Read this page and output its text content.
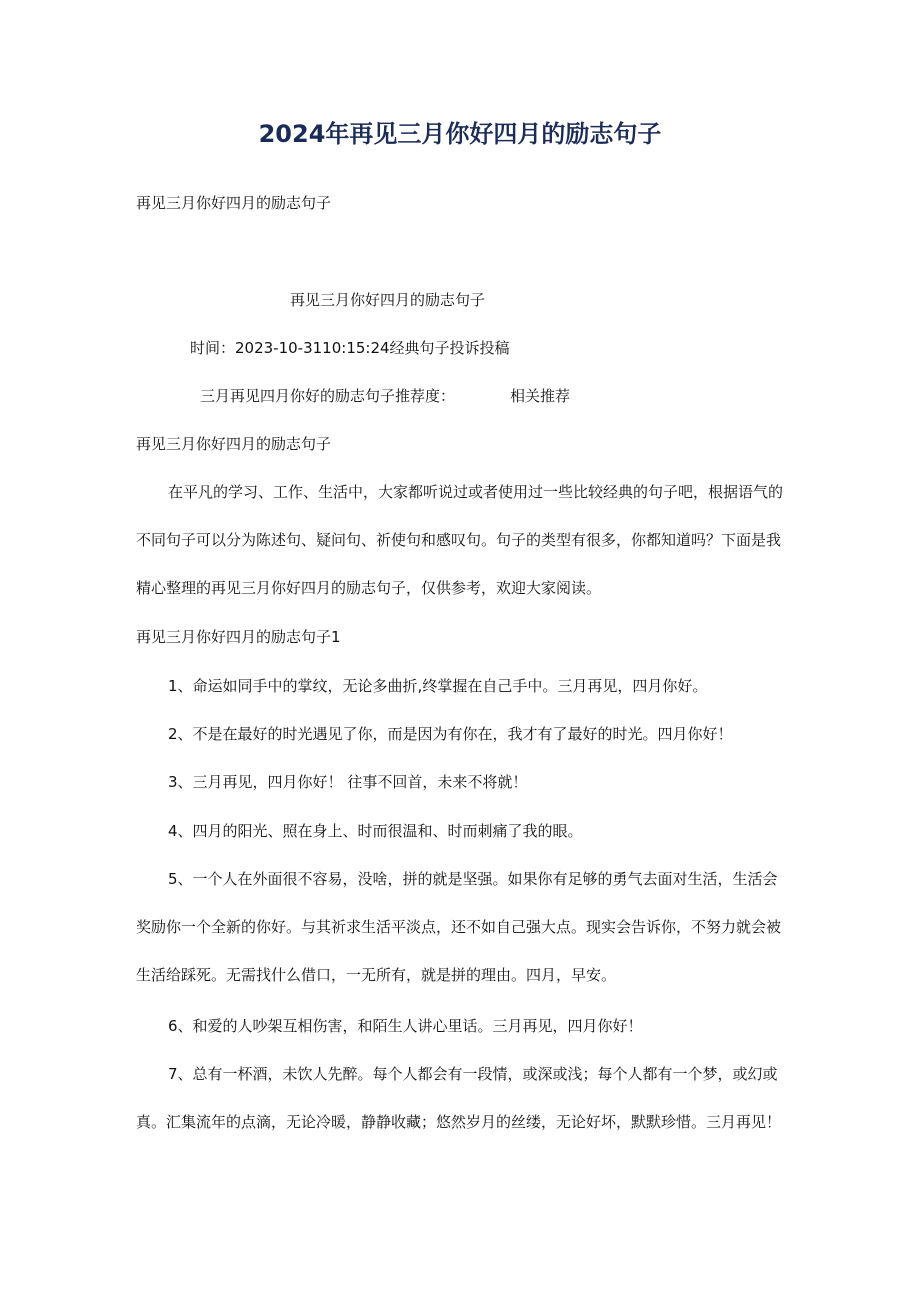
2024年再见三月你好四月的励志句子
再见三月你好四月的励志句子
再见三月你好四月的励志句子
时间：2023-10-3110:15:24经典句子投诉投稿
三月再见四月你好的励志句子推荐度：	相关推荐
再见三月你好四月的励志句子
在平凡的学习、工作、生活中，大家都听说过或者使用过一些比较经典的句子吧，根据语气的不同句子可以分为陈述句、疑问句、祈使句和感叹句。句子的类型有很多，你都知道吗？下面是我精心整理的再见三月你好四月的励志句子，仅供参考，欢迎大家阅读。
再见三月你好四月的励志句子1
1、命运如同手中的掌纹，无论多曲折,终掌握在自己手中。三月再见，四月你好。
2、不是在最好的时光遇见了你，而是因为有你在，我才有了最好的时光。四月你好！
3、三月再见，四月你好！ 往事不回首，未来不将就！
4、四月的阳光、照在身上、时而很温和、时而刺痛了我的眼。
5、一个人在外面很不容易，没啥，拼的就是坚强。如果你有足够的勇气去面对生活，生活会奖励你一个全新的你好。与其祈求生活平淡点，还不如自己强大点。现实会告诉你，不努力就会被生活给踩死。无需找什么借口，一无所有，就是拼的理由。四月，早安。
6、和爱的人吵架互相伤害，和陌生人讲心里话。三月再见，四月你好！
7、总有一杯酒，未饮人先醉。每个人都会有一段情，或深或浅；每个人都有一个梦，或幻或真。汇集流年的点滴，无论冷暖，静静收藏；悠然岁月的丝缕，无论好坏，默默珍惜。三月再见！
